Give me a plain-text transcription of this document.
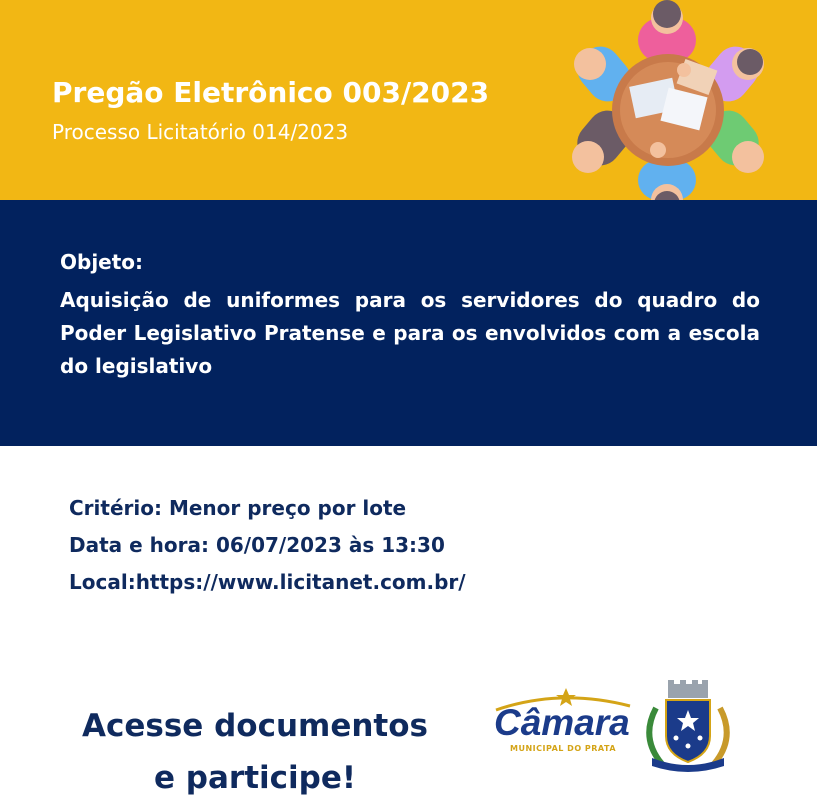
Pregão Eletrônico 003/2023
Processo Licitatório 014/2023
Objeto:
Aquisição de uniformes para os servidores do quadro do Poder Legislativo Pratense e para os envolvidos com a escola do legislativo
Critério: Menor preço por lote
Data e hora: 06/07/2023 às 13:30
Local:https://www.licitanet.com.br/
Acesse documentos
e participe!
Câmara
MUNICIPAL DO PRATA
